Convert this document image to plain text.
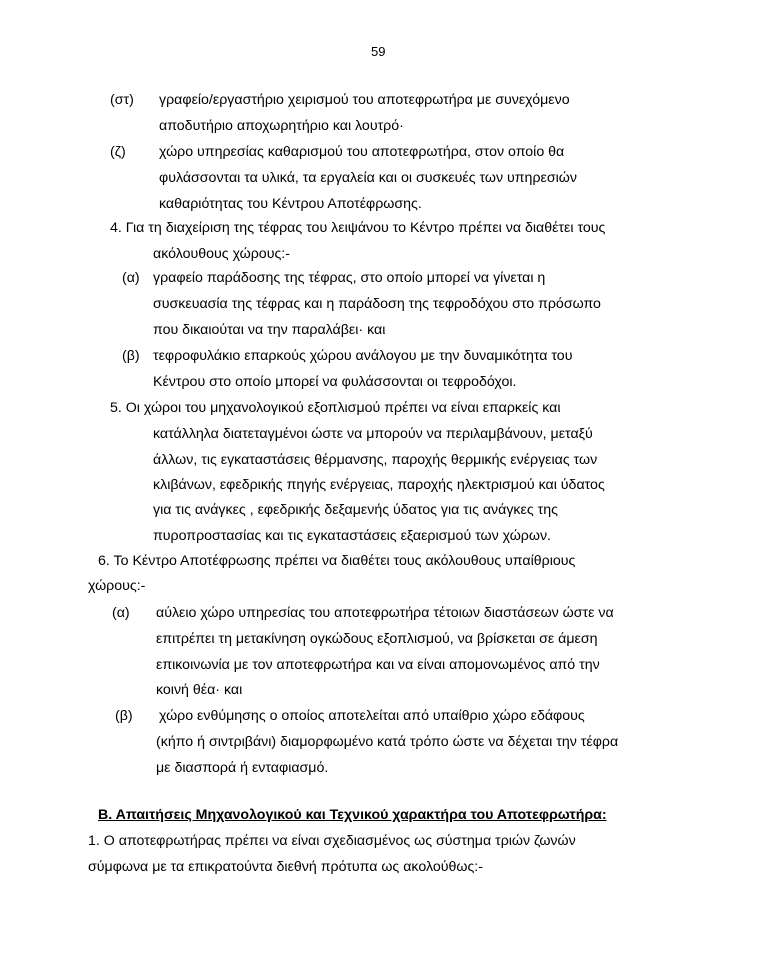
59
(στ) γραφείο/εργαστήριο χειρισμού του αποτεφρωτήρα με συνεχόμενο
αποδυτήριο αποχωρητήριο και λουτρό·
(ζ) χώρο υπηρεσίας καθαρισμού του αποτεφρωτήρα, στον οποίο θα
φυλάσσονται τα υλικά, τα εργαλεία και οι συσκευές των υπηρεσιών
καθαριότητας του Κέντρου Αποτέφρωσης.
4. Για τη διαχείριση της τέφρας του λειψάνου το Κέντρο πρέπει να διαθέτει τους
ακόλουθους χώρους:-
(α) γραφείο παράδοσης της τέφρας, στο οποίο μπορεί να γίνεται η
συσκευασία της τέφρας και η παράδοση της τεφροδόχου στο πρόσωπο
που δικαιούται να την παραλάβει· και
(β) τεφροφυλάκιο επαρκούς χώρου ανάλογου με την δυναμικότητα του
Κέντρου στο οποίο μπορεί να φυλάσσονται οι τεφροδόχοι.
5. Οι χώροι του μηχανολογικού εξοπλισμού πρέπει να είναι επαρκείς και
κατάλληλα διατεταγμένοι ώστε να μπορούν να περιλαμβάνουν, μεταξύ
άλλων, τις εγκαταστάσεις θέρμανσης, παροχής θερμικής ενέργειας των
κλιβάνων, εφεδρικής πηγής ενέργειας, παροχής ηλεκτρισμού και ύδατος
για τις ανάγκες , εφεδρικής δεξαμενής ύδατος για τις ανάγκες της
πυροπροστασίας και τις εγκαταστάσεις εξαερισμού των χώρων.
6. Το Κέντρο Αποτέφρωσης πρέπει να διαθέτει τους ακόλουθους υπαίθριους
χώρους:-
(α) αύλειο χώρο υπηρεσίας του αποτεφρωτήρα τέτοιων διαστάσεων ώστε να
επιτρέπει τη μετακίνηση ογκώδους εξοπλισμού, να βρίσκεται σε άμεση
επικοινωνία με τον αποτεφρωτήρα και να είναι απομονωμένος από την
κοινή θέα· και
(β) χώρο ενθύμησης ο οποίος αποτελείται από υπαίθριο χώρο εδάφους
(κήπο ή σιντριβάνι) διαμορφωμένο κατά τρόπο ώστε να δέχεται την τέφρα
με διασπορά ή ενταφιασμό.
Β. Απαιτήσεις Μηχανολογικού και Τεχνικού χαρακτήρα του Αποτεφρωτήρα:
1. Ο αποτεφρωτήρας πρέπει να είναι σχεδιασμένος ως σύστημα τριών ζωνών
σύμφωνα με τα επικρατούντα διεθνή πρότυπα ως ακολούθως:-
